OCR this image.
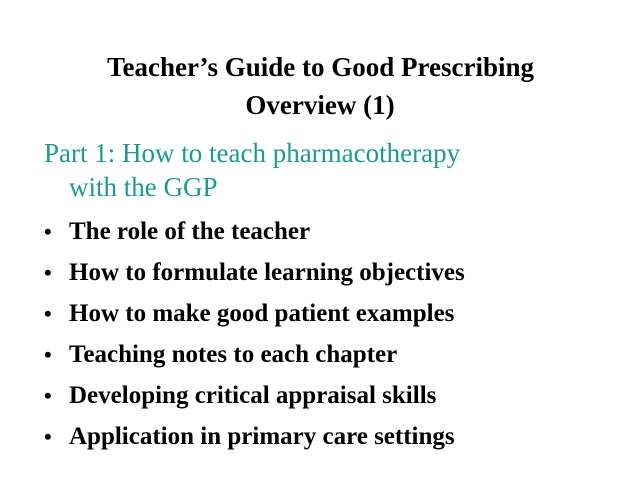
Teacher’s Guide to Good Prescribing
Overview (1)
Part 1: How to teach pharmacotherapy
with the GGP
• The role of the teacher
• How to formulate learning objectives
• How to make good patient examples
• Teaching notes to each chapter
• Developing critical appraisal skills
• Application in primary care settings
